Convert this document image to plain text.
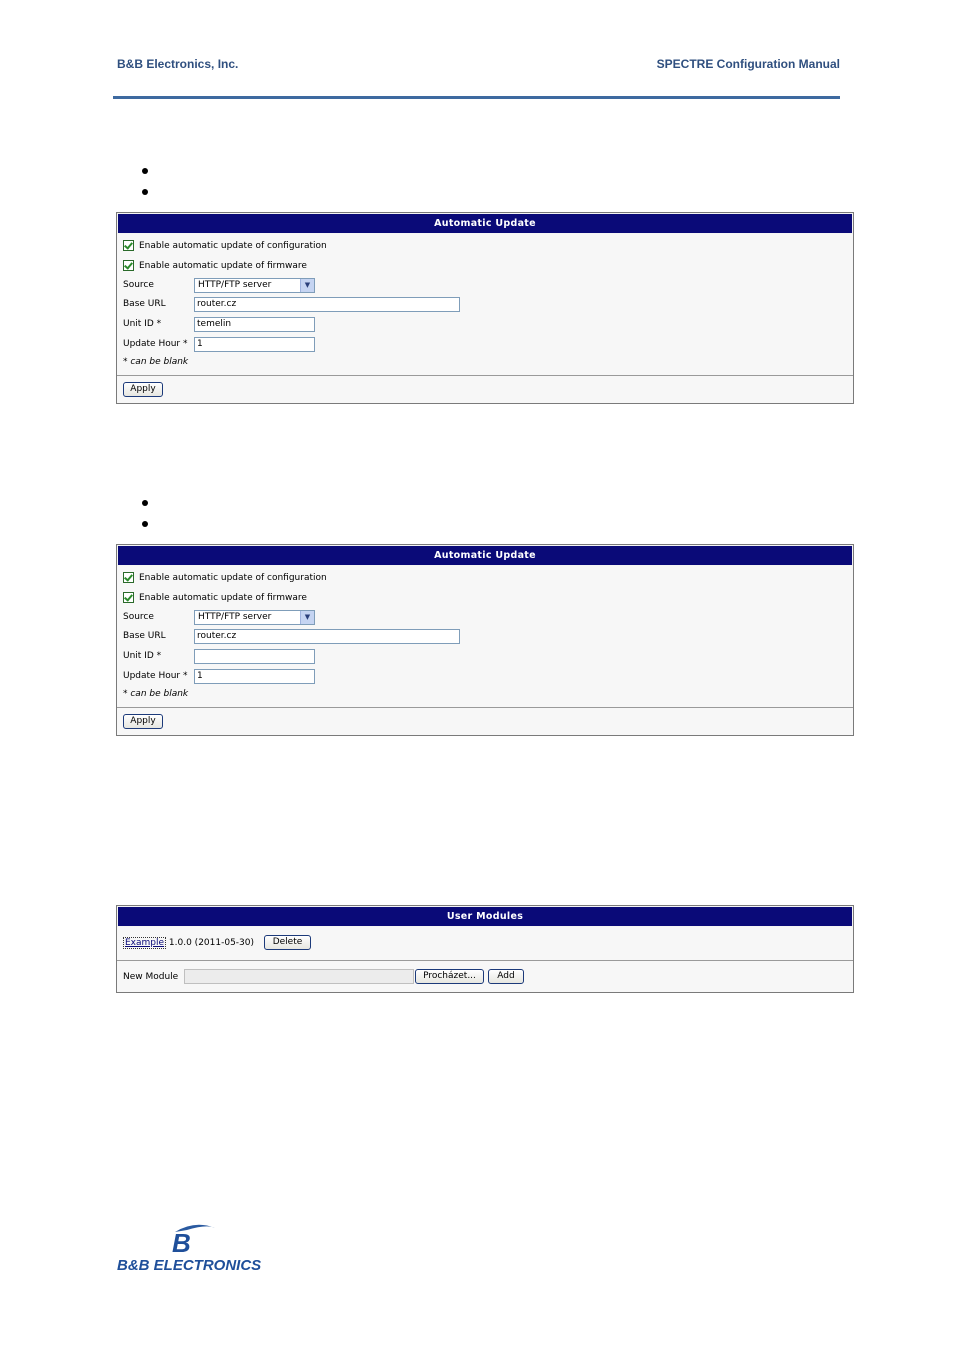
B&B Electronics, Inc.	SPECTRE Configuration Manual
Automatic Update
Enable automatic update of configuration
Enable automatic update of firmware
Source	HTTP/FTP server	▼
Base URL	router.cz
Unit ID *	temelin
Update Hour *	1
* can be blank
Apply
Automatic Update
Enable automatic update of configuration
Enable automatic update of firmware
Source	HTTP/FTP server	▼
Base URL	router.cz
Unit ID *
Update Hour *	1
* can be blank
Apply
User Modules
Example 1.0.0 (2011-05-30)	Delete
New Module	Procházet...	Add
B
B&B ELECTRONICS
